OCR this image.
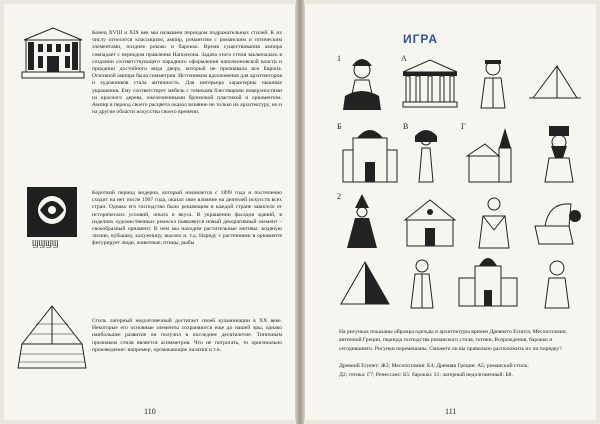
Конец XVIII и XIX век мы называем периодом подражательных стилей. К их числу относятся классицизм, ампир, романтизм с романским и готическим элементами, позднее рококо и барокко. Время существования ампира совпадает с периодом правления Наполеона. Задача этого стиля заключалась в создании соответствующего парадного оформления наполеоновской власти и придании достойного вида двору, который не признавала вся Европа. Основной ампира была симметрия. Источником вдохновения для архитекторов и художников стала античность. Для интерьера характерны пышные украшения. Ему соответствует мебель с темными блестящими поверхностями из красного дерева, ожелезненными бронзовой пластикой и орнаментом. Ампир в период своего расцвета оказал влияние не только на архитектуру, но и на другие области искусства своего времени.
ϢϢϢϢ
Короткий период модерна, который начинается с 1899 года и постепенно сходит на нет после 1907 года, оказал свое влияние на деятелей искусств всех стран. Однако его господство было решающим в каждой стране зависело от исторических условий, опыта и вкуса. В украшении фасадов зданий, в изделиях художественных ремесел появляется новый декоративный элемент – своеобразный орнамент. В нем мы находим растительные мотивы: водяную лилию, кубышку, калужницу, высоко н. т.д. Наряду с растениями в орнаменте фигурирует люди, животные, птицы, рыбы
Стиль лагерный недолговечный достигает своей кульминации в XX веке. Некоторые его основные элементы сохраняются еще до нашей эры, однако наибольшее развитие он получил в последнее десятилетие. Типичным признаком стиля является асимметрия. Что не потрогать, то оригинально произведение: например, промокающие палатки и т.п.
110
ИГРА
1	А
Б	В	Г
2
На рисунках показаны образцы одежды и архитектуры времен Древнего Египта, Месопотамии, античной Греции, периода господства романского стиля, готики, Возрождения, барокко и сегодняшнего. Рисунки перемешаны. Сможете ли вы правильно расположить их по порядку?
Древний Египет: Ж3; Месопотамия: Е4; Древняя Греция: А5; романский стиль:
Д2; готика: Г7; Ренессанс: Б5: барокко: 31; лагерный недолговечный: Б8.
111
